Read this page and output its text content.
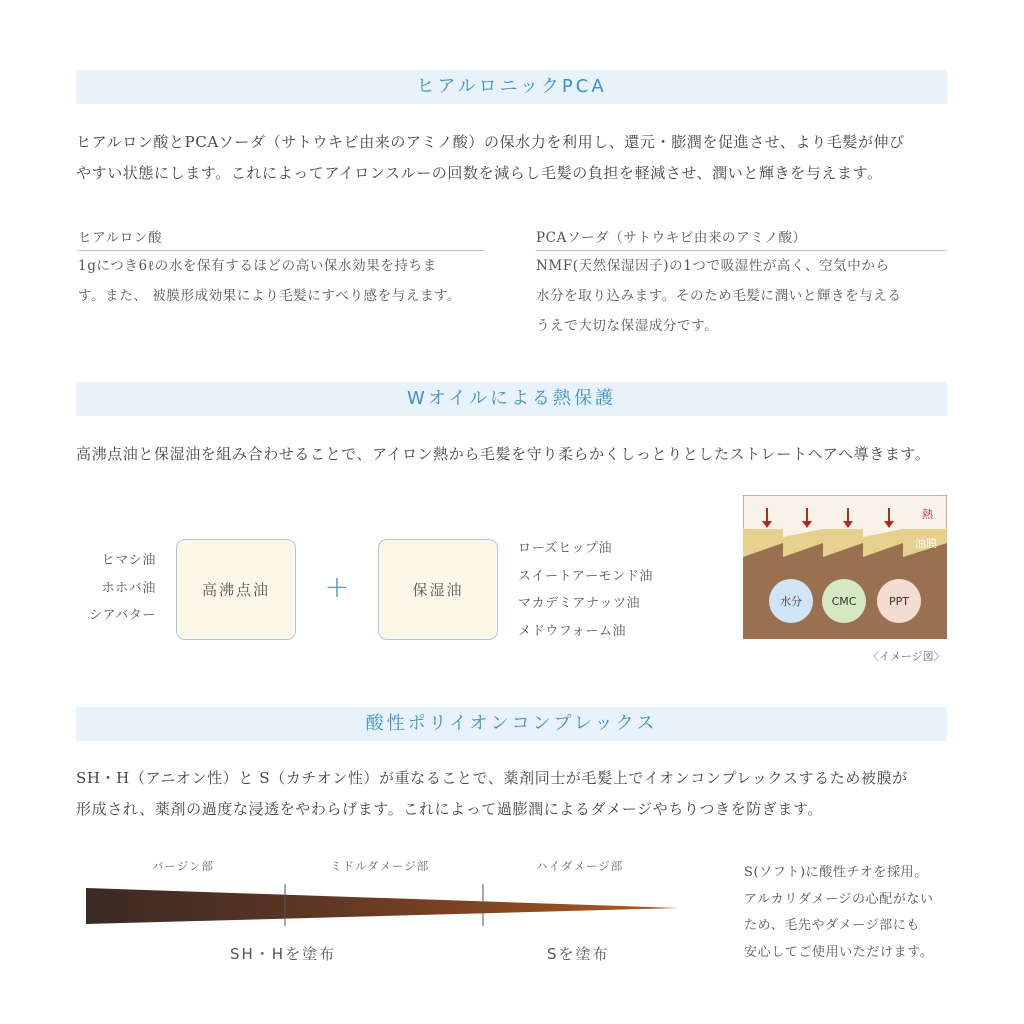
ヒアルロニックPCA
ヒアルロン酸とPCAソーダ（サトウキビ由来のアミノ酸）の保水力を利用し、還元・膨潤を促進させ、より毛髪が伸び
やすい状態にします。これによってアイロンスルーの回数を減らし毛髪の負担を軽減させ、潤いと輝きを与えます。
ヒアルロン酸
1gにつき6ℓの水を保有するほどの高い保水効果を持ちま
す。また、 被膜形成効果により毛髪にすべり感を与えます。
PCAソーダ（サトウキビ由来のアミノ酸）
NMF(天然保湿因子)の1つで吸湿性が高く、空気中から
水分を取り込みます。そのため毛髪に潤いと輝きを与える
うえで大切な保湿成分です。
Wオイルによる熱保護
高沸点油と保湿油を組み合わせることで、アイロン熱から毛髪を守り柔らかくしっとりとしたストレートヘアへ導きます。
ヒマシ油
ホホバ油
シアバター
高沸点油	+	保湿油
ローズヒップ油
スイートアーモンド油
マカデミアナッツ油
メドウフォーム油
熱
油膜
水分	CMC	PPT
〈イメージ図〉
酸性ポリイオンコンプレックス
SH・H（アニオン性）と S（カチオン性）が重なることで、薬剤同士が毛髪上でイオンコンプレックスするため被膜が
形成され、薬剤の過度な浸透をやわらげます。これによって過膨潤によるダメージやちりつきを防ぎます。
バージン部	ミドルダメージ部	ハイダメージ部
SH・Hを塗布	Sを塗布
S(ソフト)に酸性チオを採用。
アルカリダメージの心配がない
ため、毛先やダメージ部にも
安心してご使用いただけます。
